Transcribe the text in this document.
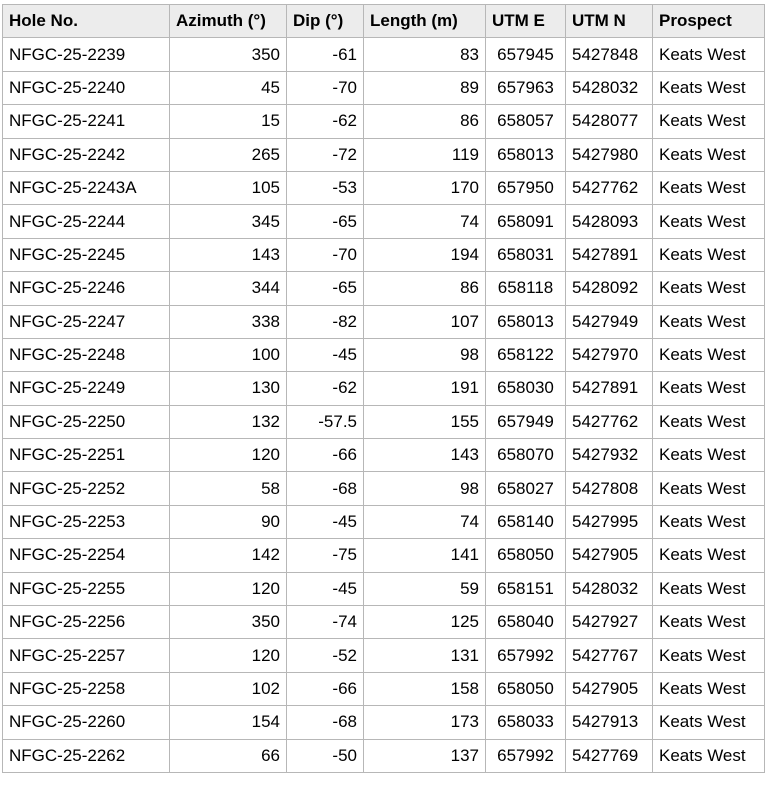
Hole No.	Azimuth (°)	Dip (°)	Length (m)	UTM E	UTM N	Prospect
NFGC-25-2239	350	-61	83	657945	5427848	Keats West
NFGC-25-2240	45	-70	89	657963	5428032	Keats West
NFGC-25-2241	15	-62	86	658057	5428077	Keats West
NFGC-25-2242	265	-72	119	658013	5427980	Keats West
NFGC-25-2243A	105	-53	170	657950	5427762	Keats West
NFGC-25-2244	345	-65	74	658091	5428093	Keats West
NFGC-25-2245	143	-70	194	658031	5427891	Keats West
NFGC-25-2246	344	-65	86	658118	5428092	Keats West
NFGC-25-2247	338	-82	107	658013	5427949	Keats West
NFGC-25-2248	100	-45	98	658122	5427970	Keats West
NFGC-25-2249	130	-62	191	658030	5427891	Keats West
NFGC-25-2250	132	-57.5	155	657949	5427762	Keats West
NFGC-25-2251	120	-66	143	658070	5427932	Keats West
NFGC-25-2252	58	-68	98	658027	5427808	Keats West
NFGC-25-2253	90	-45	74	658140	5427995	Keats West
NFGC-25-2254	142	-75	141	658050	5427905	Keats West
NFGC-25-2255	120	-45	59	658151	5428032	Keats West
NFGC-25-2256	350	-74	125	658040	5427927	Keats West
NFGC-25-2257	120	-52	131	657992	5427767	Keats West
NFGC-25-2258	102	-66	158	658050	5427905	Keats West
NFGC-25-2260	154	-68	173	658033	5427913	Keats West
NFGC-25-2262	66	-50	137	657992	5427769	Keats West
